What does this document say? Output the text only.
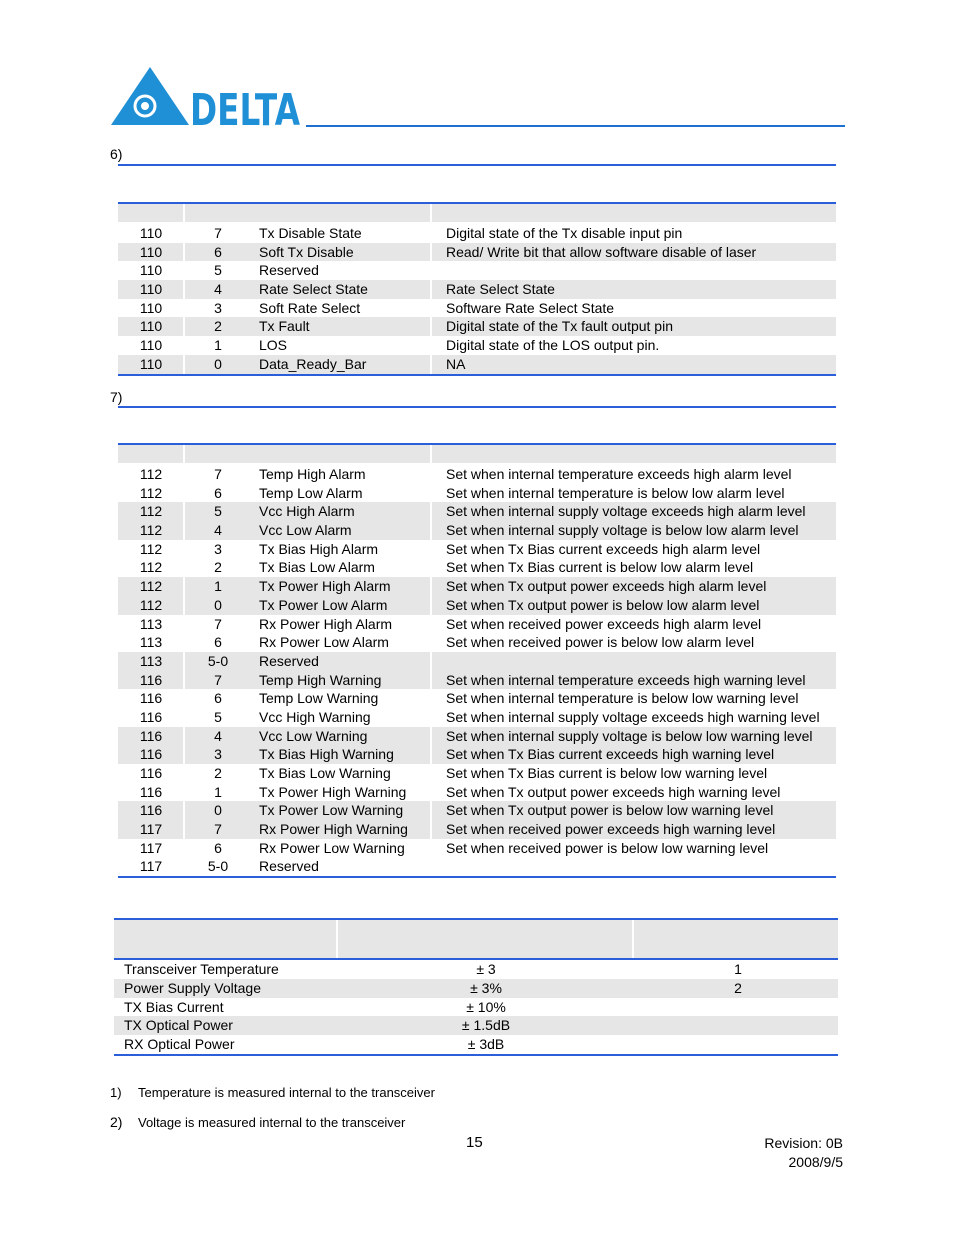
DELTA
6)
110	7	Tx Disable State	Digital state of the Tx disable input pin
110	6	Soft Tx Disable	Read/ Write bit that allow software disable of laser
110	5	Reserved
110	4	Rate Select State	Rate Select State
110	3	Soft Rate Select	Software Rate Select State
110	2	Tx Fault	Digital state of the Tx fault output pin
110	1	LOS	Digital state of the LOS output pin.
110	0	Data_Ready_Bar	NA
7)
112	7	Temp High Alarm	Set when internal temperature exceeds high alarm level
112	6	Temp Low Alarm	Set when internal temperature is below low alarm level
112	5	Vcc High Alarm	Set when internal supply voltage exceeds high alarm level
112	4	Vcc Low Alarm	Set when internal supply voltage is below low alarm level
112	3	Tx Bias High Alarm	Set when Tx Bias current exceeds high alarm level
112	2	Tx Bias Low Alarm	Set when Tx Bias current is below low alarm level
112	1	Tx Power High Alarm	Set when Tx output power exceeds high alarm level
112	0	Tx Power Low Alarm	Set when Tx output power is below low alarm level
113	7	Rx Power High Alarm	Set when received power exceeds high alarm level
113	6	Rx Power Low Alarm	Set when received power is below low alarm level
113	5-0	Reserved
116	7	Temp High Warning	Set when internal temperature exceeds high warning level
116	6	Temp Low Warning	Set when internal temperature is below low warning level
116	5	Vcc High Warning	Set when internal supply voltage exceeds high warning level
116	4	Vcc Low Warning	Set when internal supply voltage is below low warning level
116	3	Tx Bias High Warning	Set when Tx Bias current exceeds high warning level
116	2	Tx Bias Low Warning	Set when Tx Bias current is below low warning level
116	1	Tx Power High Warning	Set when Tx output power exceeds high warning level
116	0	Tx Power Low Warning	Set when Tx output power is below low warning level
117	7	Rx Power High Warning	Set when received power exceeds high warning level
117	6	Rx Power Low Warning	Set when received power is below low warning level
117	5-0	Reserved
Transceiver Temperature	± 3	1
Power Supply Voltage	± 3%	2
TX Bias Current	± 10%
TX Optical Power	± 1.5dB
RX Optical Power	± 3dB
1) Temperature is measured internal to the transceiver
2) Voltage is measured internal to the transceiver
15	Revision: 0B
2008/9/5
